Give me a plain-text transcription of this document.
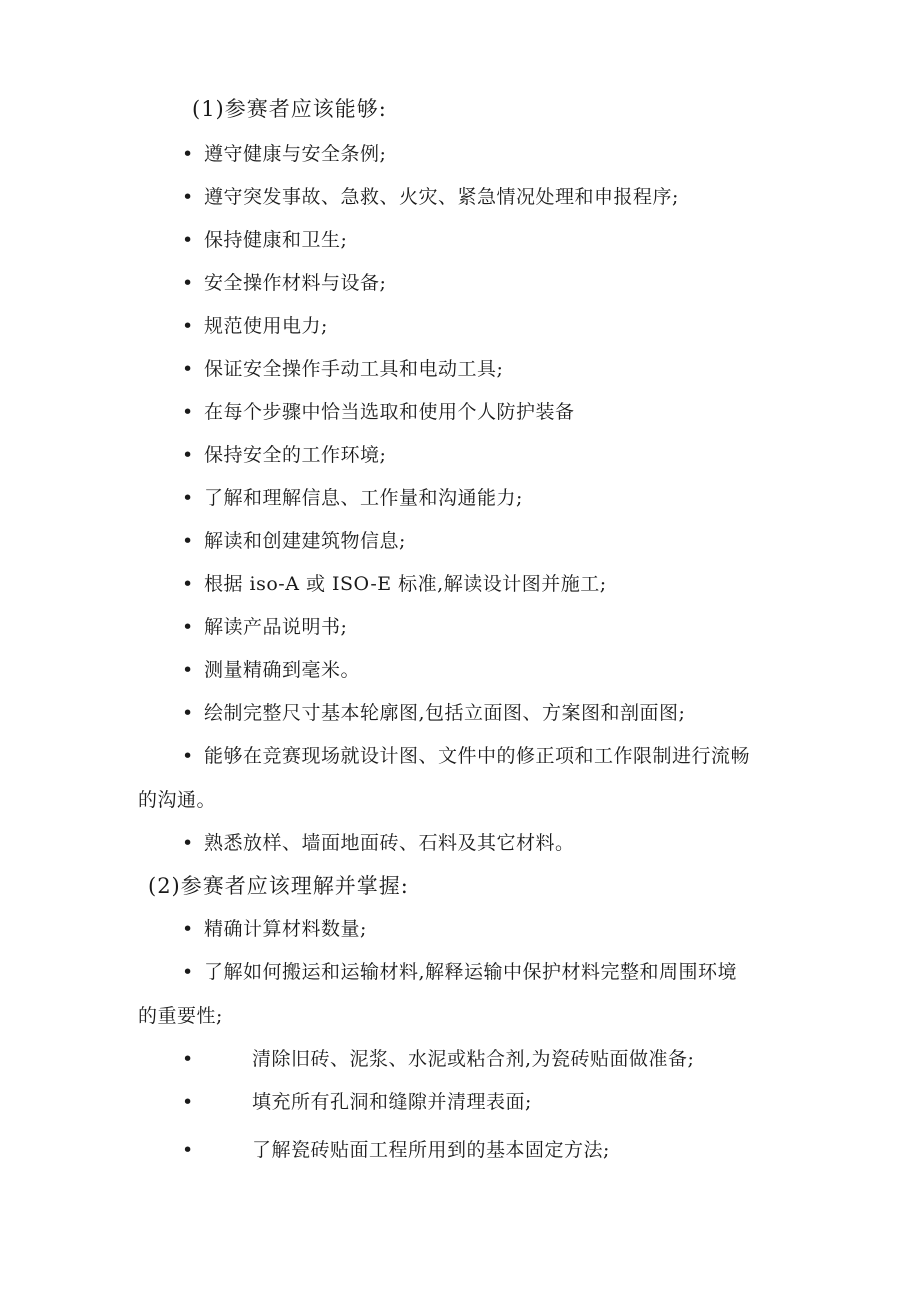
(1)参赛者应该能够:
• 遵守健康与安全条例;
• 遵守突发事故、急救、火灾、紧急情况处理和申报程序;
• 保持健康和卫生;
• 安全操作材料与设备;
• 规范使用电力;
• 保证安全操作手动工具和电动工具;
• 在每个步骤中恰当选取和使用个人防护装备
• 保持安全的工作环境;
• 了解和理解信息、工作量和沟通能力;
• 解读和创建建筑物信息;
• 根据 iso-A 或 ISO-E 标准,解读设计图并施工;
• 解读产品说明书;
• 测量精确到毫米。
• 绘制完整尺寸基本轮廓图,包括立面图、方案图和剖面图;
• 能够在竞赛现场就设计图、文件中的修正项和工作限制进行流畅
的沟通。
• 熟悉放样、墙面地面砖、石料及其它材料。
(2)参赛者应该理解并掌握:
• 精确计算材料数量;
• 了解如何搬运和运输材料,解释运输中保护材料完整和周围环境
的重要性;
•	清除旧砖、泥浆、水泥或粘合剂,为瓷砖贴面做准备;
•	填充所有孔洞和缝隙并清理表面;
•	了解瓷砖贴面工程所用到的基本固定方法;
